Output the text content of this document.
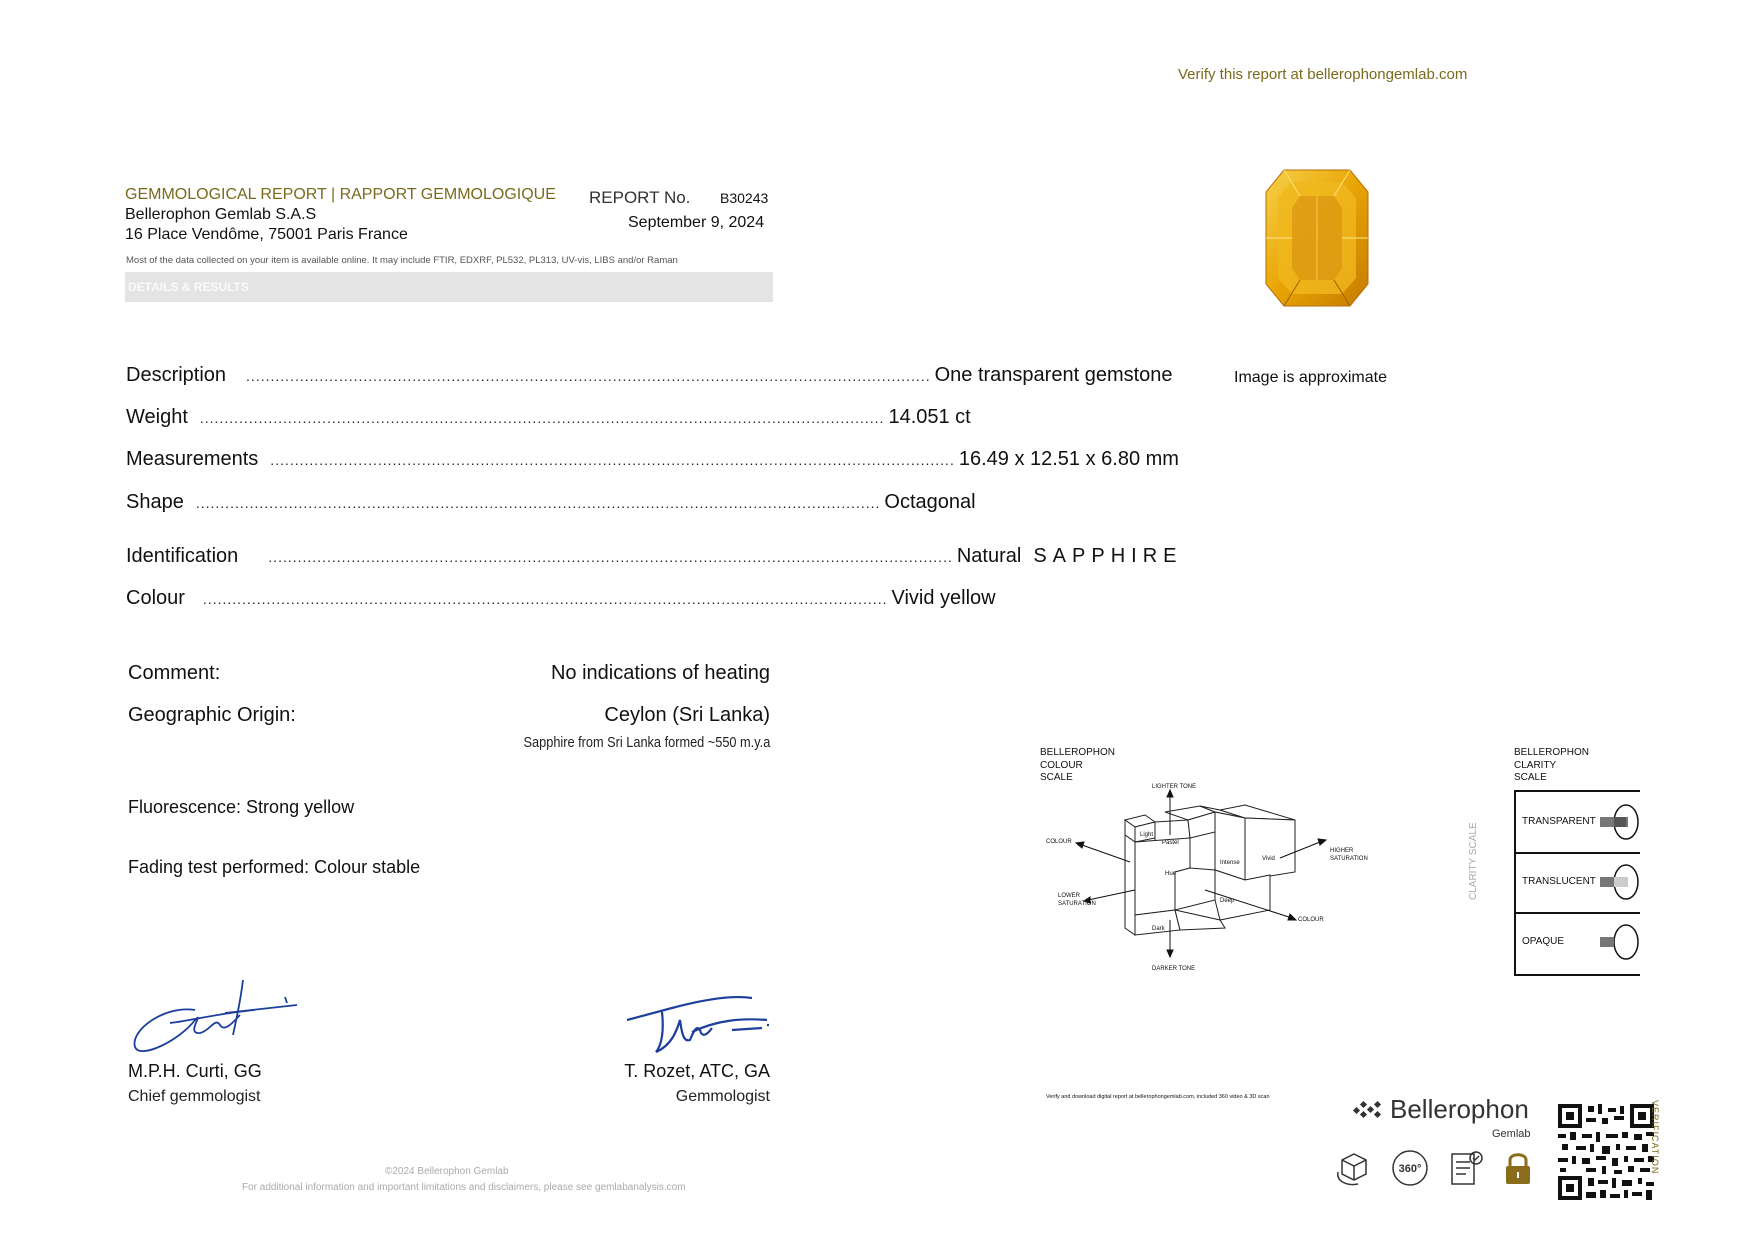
Verify this report at bellerophongemlab.com
GEMMOLOGICAL REPORT | RAPPORT GEMMOLOGIQUE
Bellerophon Gemlab S.A.S
16 Place Vendôme, 75001 Paris France
REPORT No. B30243
September 9, 2024
Most of the data collected on your item is available online. It may include FTIR, EDXRF, PL532, PL313, UV-vis, LIBS and/or Raman
DETAILS & RESULTS
Description ............................................................................................................................................ One transparent gemstone
Weight ............................................................................................................................................ 14.051 ct
Measurements ............................................................................................................................................ 16.49 x 12.51 x 6.80 mm
Shape ............................................................................................................................................ Octagonal
Identification ............................................................................................................................................ Natural SAPPHIRE
Colour ............................................................................................................................................ Vivid yellow
Comment:	No indications of heating
Geographic Origin:	Ceylon (Sri Lanka)
Sapphire from Sri Lanka formed ~550 m.y.a
Fluorescence: Strong yellow
Fading test performed: Colour stable
M.P.H. Curti, GG
Chief gemmologist
T. Rozet, ATC, GA
Gemmologist
©2024 Bellerophon Gemlab
For additional information and important limitations and disclaimers, please see gemlabanalysis.com
Image is approximate
BELLEROPHON
COLOUR
SCALE
LIGHTER TONE
DARKER TONE
COLOUR
COLOUR
LOWER
SATURATION
HIGHER
SATURATION
Light
Pastel
Hue
Intense
Vivid
Deep
Dark
BELLEROPHON
CLARITY
SCALE
CLARITY SCALE
TRANSPARENT
TRANSLUCENT
OPAQUE
Verify and download digital report at bellerophongemlab.com, included 360 video & 3D scan	Bellerophon
Gemlab
360°	VERIFICATION
